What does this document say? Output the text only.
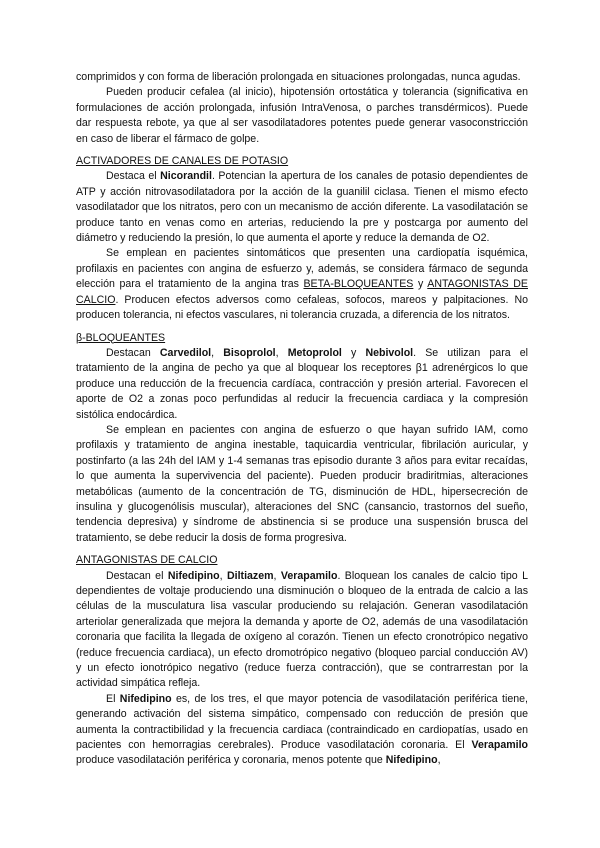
comprimidos y con forma de liberación prolongada en situaciones prolongadas, nunca agudas.

Pueden producir cefalea (al inicio), hipotensión ortostática y tolerancia (significativa en formulaciones de acción prolongada, infusión IntraVenosa, o parches transdérmicos). Puede dar respuesta rebote, ya que al ser vasodilatadores potentes puede generar vasoconstricción en caso de liberar el fármaco de golpe.

ACTIVADORES DE CANALES DE POTASIO

Destaca el Nicorandil. Potencian la apertura de los canales de potasio dependientes de ATP y acción nitrovasodilatadora por la acción de la guanilil ciclasa. Tienen el mismo efecto vasodilatador que los nitratos, pero con un mecanismo de acción diferente. La vasodilatación se produce tanto en venas como en arterias, reduciendo la pre y postcarga por aumento del diámetro y reduciendo la presión, lo que aumenta el aporte y reduce la demanda de O2.

Se emplean en pacientes sintomáticos que presenten una cardiopatía isquémica, profilaxis en pacientes con angina de esfuerzo y, además, se considera fármaco de segunda elección para el tratamiento de la angina tras BETA-BLOQUEANTES y ANTAGONISTAS DE CALCIO. Producen efectos adversos como cefaleas, sofocos, mareos y palpitaciones. No producen tolerancia, ni efectos vasculares, ni tolerancia cruzada, a diferencia de los nitratos.

β-BLOQUEANTES

Destacan Carvedilol, Bisoprolol, Metoprolol y Nebivolol. Se utilizan para el tratamiento de la angina de pecho ya que al bloquear los receptores β1 adrenérgicos lo que produce una reducción de la frecuencia cardíaca, contracción y presión arterial. Favorecen el aporte de O2 a zonas poco perfundidas al reducir la frecuencia cardiaca y la compresión sistólica endocárdica.

Se emplean en pacientes con angina de esfuerzo o que hayan sufrido IAM, como profilaxis y tratamiento de angina inestable, taquicardia ventricular, fibrilación auricular, y postinfarto (a las 24h del IAM y 1-4 semanas tras episodio durante 3 años para evitar recaídas, lo que aumenta la supervivencia del paciente). Pueden producir bradiritmias, alteraciones metabólicas (aumento de la concentración de TG, disminución de HDL, hipersecreción de insulina y glucogenólisis muscular), alteraciones del SNC (cansancio, trastornos del sueño, tendencia depresiva) y síndrome de abstinencia si se produce una suspensión brusca del tratamiento, se debe reducir la dosis de forma progresiva.

ANTAGONISTAS DE CALCIO

Destacan el Nifedipino, Diltiazem, Verapamilo. Bloquean los canales de calcio tipo L dependientes de voltaje produciendo una disminución o bloqueo de la entrada de calcio a las células de la musculatura lisa vascular produciendo su relajación. Generan vasodilatación arteriolar generalizada que mejora la demanda y aporte de O2, además de una vasodilatación coronaria que facilita la llegada de oxígeno al corazón. Tienen un efecto cronotrópico negativo (reduce frecuencia cardiaca), un efecto dromotrópico negativo (bloqueo parcial conducción AV) y un efecto ionotrópico negativo (reduce fuerza contracción), que se contrarrestan por la actividad simpática refleja.

El Nifedipino es, de los tres, el que mayor potencia de vasodilatación periférica tiene, generando activación del sistema simpático, compensado con reducción de presión que aumenta la contractibilidad y la frecuencia cardiaca (contraindicado en cardiopatías, usado en pacientes con hemorragias cerebrales). Produce vasodilatación coronaria. El Verapamilo produce vasodilatación periférica y coronaria, menos potente que Nifedipino,
